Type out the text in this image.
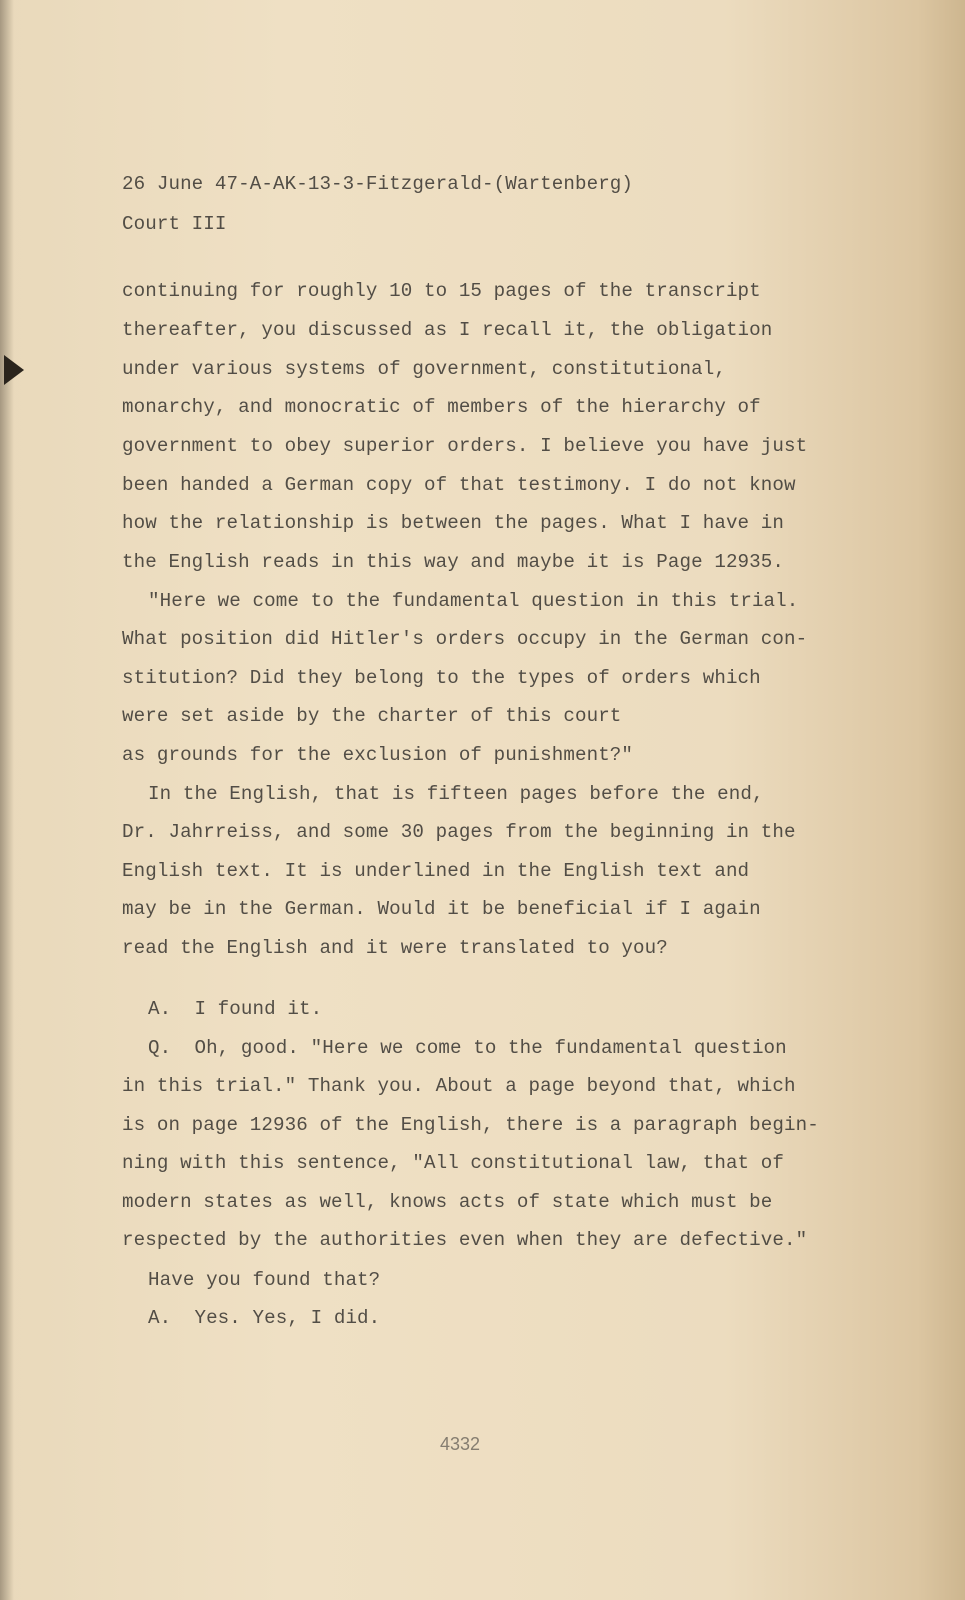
26 June 47-A-AK-13-3-Fitzgerald-(Wartenberg)
Court III
continuing for roughly 10 to 15 pages of the transcript
thereafter, you discussed as I recall it, the obligation
under various systems of government, constitutional,
monarchy, and monocratic of members of the hierarchy of
government to obey superior orders. I believe you have just
been handed a German copy of that testimony. I do not know
how the relationship is between the pages. What I have in
the English reads in this way and maybe it is Page 12935.
"Here we come to the fundamental question in this trial.
What position did Hitler's orders occupy in the German con-
stitution? Did they belong to the types of orders which
were set aside by the charter of this court
as grounds for the exclusion of punishment?"
In the English, that is fifteen pages before the end,
Dr. Jahrreiss, and some 30 pages from the beginning in the
English text. It is underlined in the English text and
may be in the German. Would it be beneficial if I again
read the English and it were translated to you?
A.  I found it.
Q.  Oh, good. "Here we come to the fundamental question
in this trial." Thank you. About a page beyond that, which
is on page 12936 of the English, there is a paragraph begin-
ning with this sentence, "All constitutional law, that of
modern states as well, knows acts of state which must be
respected by the authorities even when they are defective."
Have you found that?
A.  Yes. Yes, I did.
4332
